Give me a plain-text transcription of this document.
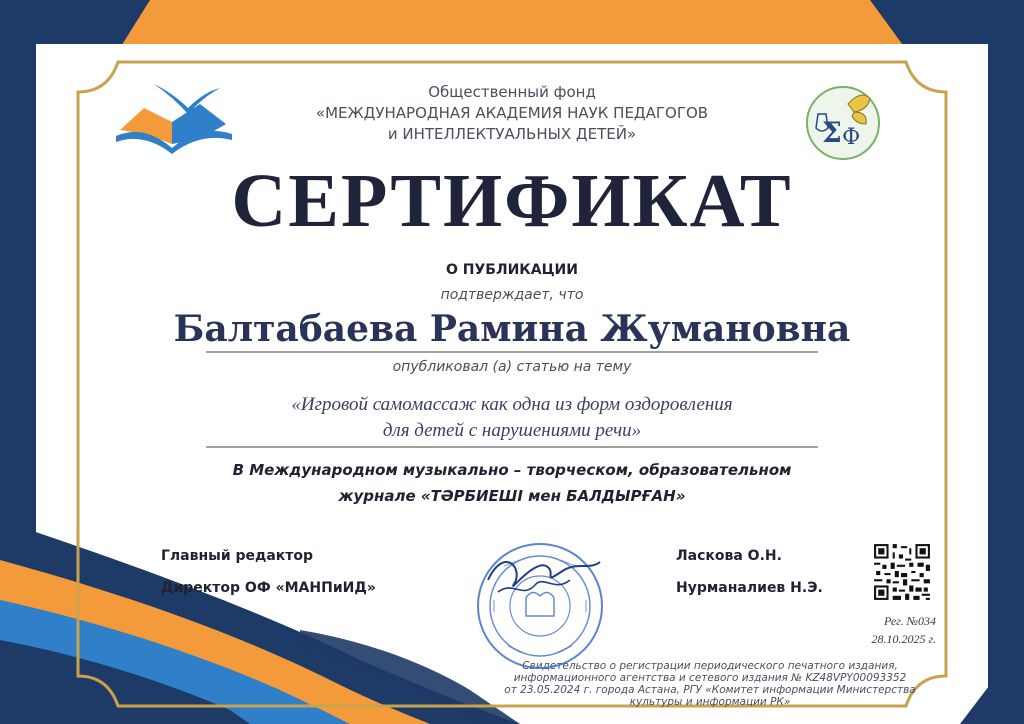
Σ Ф

Общественный фонд

«МЕЖДУНАРОДНАЯ АКАДЕМИЯ НАУК ПЕДАГОГОВ

и ИНТЕЛЛЕКТУАЛЬНЫХ ДЕТЕЙ»

СЕРТИФИКАТ

О ПУБЛИКАЦИИ

подтверждает, что

Балтабаева Рамина Жумановна

опубликовал (а) статью на тему

«Игровой самомассаж как одна из форм оздоровления

для детей с нарушениями речи»

В Международном музыкально – творческом, образовательном

журнале «ТӘРБИЕШІ мен БАЛДЫРҒАН»

Главный редактор

Директор ОФ «МАНПиИД»

Ласкова О.Н.

Нурманалиев Н.Э.

Рег. №034

28.10.2025 г.

Свидетельство о регистрации периодического печатного издания,

информационного агентства и сетевого издания № KZ48VPY00093352

от 23.05.2024 г. города Астана, РГУ «Комитет информации Министерства

культуры и информации РК»
